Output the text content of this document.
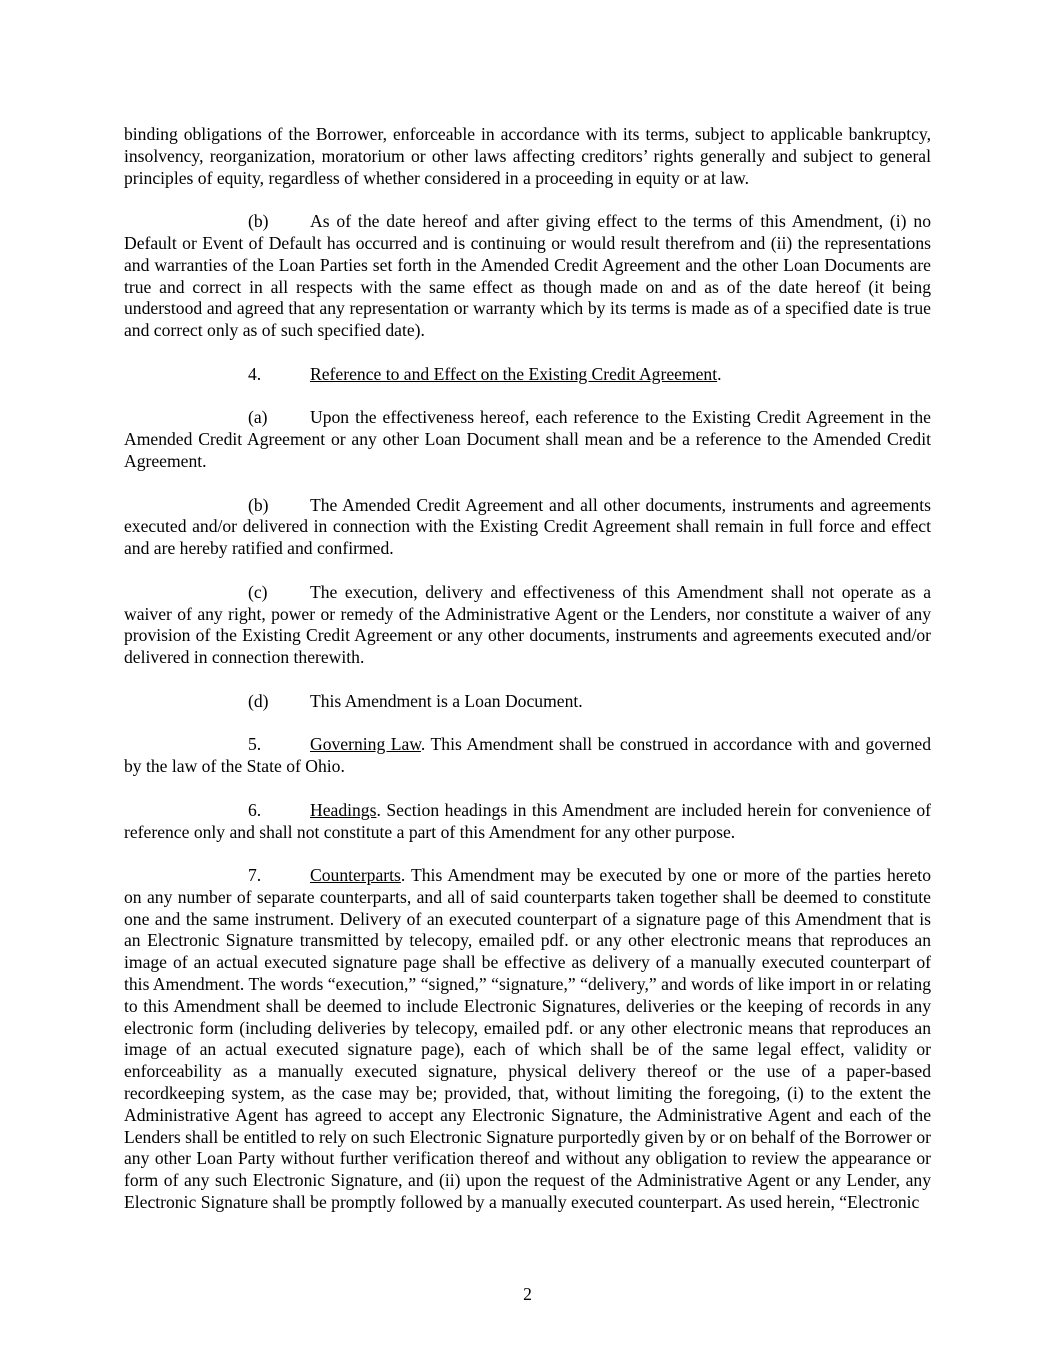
binding obligations of the Borrower, enforceable in accordance with its terms, subject to applicable bankruptcy, insolvency, reorganization, moratorium or other laws affecting creditors’ rights generally and subject to general principles of equity, regardless of whether considered in a proceeding in equity or at law.

(b) As of the date hereof and after giving effect to the terms of this Amendment, (i) no Default or Event of Default has occurred and is continuing or would result therefrom and (ii) the representations and warranties of the Loan Parties set forth in the Amended Credit Agreement and the other Loan Documents are true and correct in all respects with the same effect as though made on and as of the date hereof (it being understood and agreed that any representation or warranty which by its terms is made as of a specified date is true and correct only as of such specified date).

4.	Reference to and Effect on the Existing Credit Agreement.

(a) Upon the effectiveness hereof, each reference to the Existing Credit Agreement in the Amended Credit Agreement or any other Loan Document shall mean and be a reference to the Amended Credit Agreement.

(b) The Amended Credit Agreement and all other documents, instruments and agreements executed and/or delivered in connection with the Existing Credit Agreement shall remain in full force and effect and are hereby ratified and confirmed.

(c) The execution, delivery and effectiveness of this Amendment shall not operate as a waiver of any right, power or remedy of the Administrative Agent or the Lenders, nor constitute a waiver of any provision of the Existing Credit Agreement or any other documents, instruments and agreements executed and/or delivered in connection therewith.

(d) This Amendment is a Loan Document.

5.	Governing Law. This Amendment shall be construed in accordance with and governed by the law of the State of Ohio.

6.	Headings. Section headings in this Amendment are included herein for convenience of reference only and shall not constitute a part of this Amendment for any other purpose.

7.	Counterparts. This Amendment may be executed by one or more of the parties hereto on any number of separate counterparts, and all of said counterparts taken together shall be deemed to constitute one and the same instrument. Delivery of an executed counterpart of a signature page of this Amendment that is an Electronic Signature transmitted by telecopy, emailed pdf. or any other electronic means that reproduces an image of an actual executed signature page shall be effective as delivery of a manually executed counterpart of this Amendment. The words “execution,” “signed,” “signature,” “delivery,” and words of like import in or relating to this Amendment shall be deemed to include Electronic Signatures, deliveries or the keeping of records in any electronic form (including deliveries by telecopy, emailed pdf. or any other electronic means that reproduces an image of an actual executed signature page), each of which shall be of the same legal effect, validity or enforceability as a manually executed signature, physical delivery thereof or the use of a paper-based recordkeeping system, as the case may be; provided, that, without limiting the foregoing, (i) to the extent the Administrative Agent has agreed to accept any Electronic Signature, the Administrative Agent and each of the Lenders shall be entitled to rely on such Electronic Signature purportedly given by or on behalf of the Borrower or any other Loan Party without further verification thereof and without any obligation to review the appearance or form of any such Electronic Signature, and (ii) upon the request of the Administrative Agent or any Lender, any Electronic Signature shall be promptly followed by a manually executed counterpart. As used herein, “Electronic

2
